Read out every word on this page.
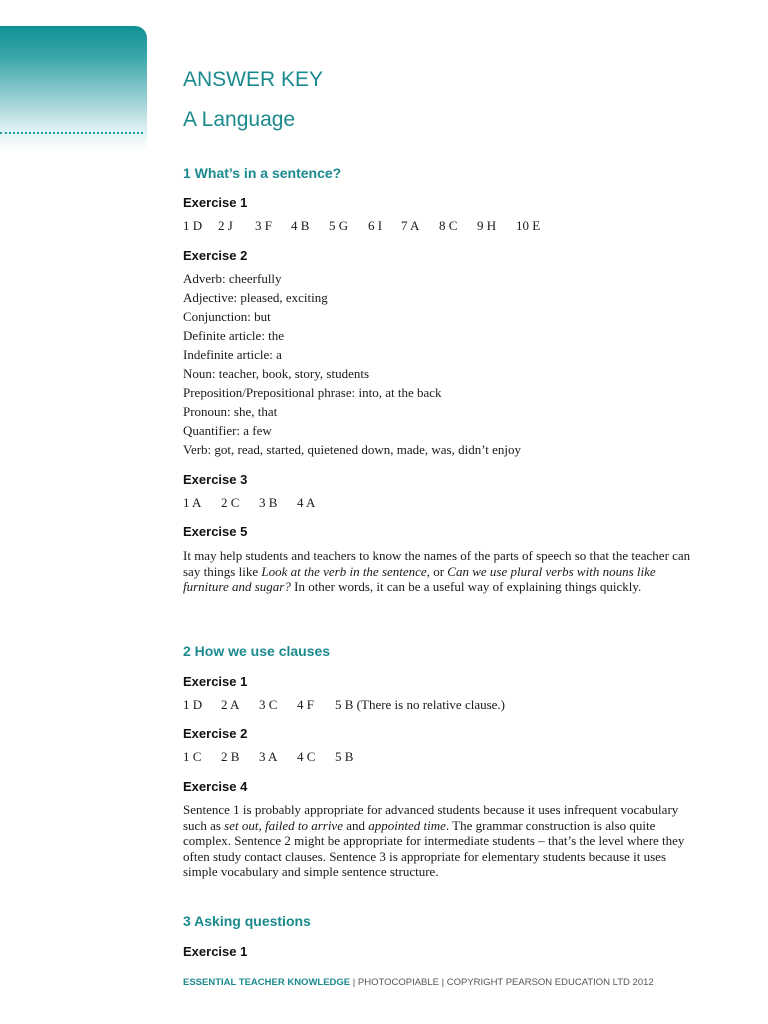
ANSWER KEY
A Language
1 What’s in a sentence?
Exercise 1
1 D	2 J	3 F	4 B	5 G	6 I	7 A	8 C	9 H	10 E
Exercise 2
Adverb: cheerfully
Adjective: pleased, exciting
Conjunction: but
Definite article: the
Indefinite article: a
Noun: teacher, book, story, students
Preposition/Prepositional phrase: into, at the back
Pronoun: she, that
Quantifier: a few
Verb: got, read, started, quietened down, made, was, didn’t enjoy
Exercise 3
1 A	2 C	3 B	4 A
Exercise 5
It may help students and teachers to know the names of the parts of speech so that the teacher can say things like Look at the verb in the sentence, or Can we use plural verbs with nouns like furniture and sugar? In other words, it can be a useful way of explaining things quickly.
2 How we use clauses
Exercise 1
1 D	2 A	3 C	4 F	5 B (There is no relative clause.)
Exercise 2
1 C	2 B	3 A	4 C	5 B
Exercise 4
Sentence 1 is probably appropriate for advanced students because it uses infrequent vocabulary such as set out, failed to arrive and appointed time. The grammar construction is also quite complex. Sentence 2 might be appropriate for intermediate students – that’s the level where they often study contact clauses. Sentence 3 is appropriate for elementary students because it uses simple vocabulary and simple sentence structure.
3 Asking questions
Exercise 1
ESSENTIAL TEACHER KNOWLEDGE | PHOTOCOPIABLE | COPYRIGHT PEARSON EDUCATION LTD 2012
